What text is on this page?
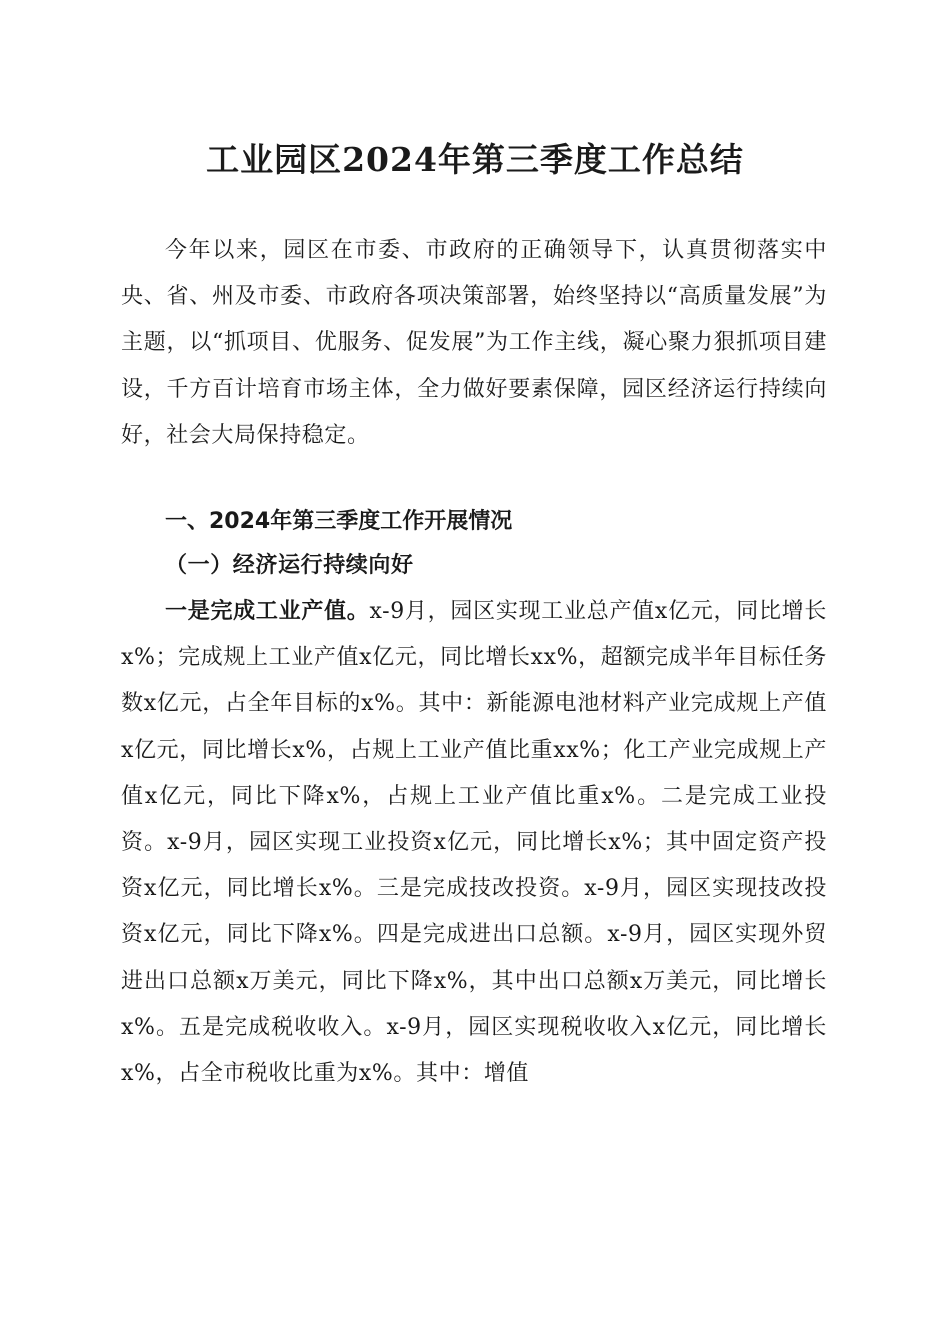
工业园区2024年第三季度工作总结

今年以来，园区在市委、市政府的正确领导下，认真贯彻落实中央、省、州及市委、市政府各项决策部署，始终坚持以“高质量发展”为主题，以“抓项目、优服务、促发展”为工作主线，凝心聚力狠抓项目建设，千方百计培育市场主体，全力做好要素保障，园区经济运行持续向好，社会大局保持稳定。

一、2024年第三季度工作开展情况
（一）经济运行持续向好

一是完成工业产值。x-9月，园区实现工业总产值x亿元，同比增长x%；完成规上工业产值x亿元，同比增长xx%，超额完成半年目标任务数x亿元，占全年目标的x%。其中：新能源电池材料产业完成规上产值x亿元，同比增长x%，占规上工业产值比重xx%；化工产业完成规上产值x亿元，同比下降x%，占规上工业产值比重x%。二是完成工业投资。x-9月，园区实现工业投资x亿元，同比增长x%；其中固定资产投资x亿元，同比增长x%。三是完成技改投资。x-9月，园区实现技改投资x亿元，同比下降x%。四是完成进出口总额。x-9月，园区实现外贸进出口总额x万美元，同比下降x%，其中出口总额x万美元，同比增长x%。五是完成税收收入。x-9月，园区实现税收收入x亿元，同比增长x%，占全市税收比重为x%。其中：增值
